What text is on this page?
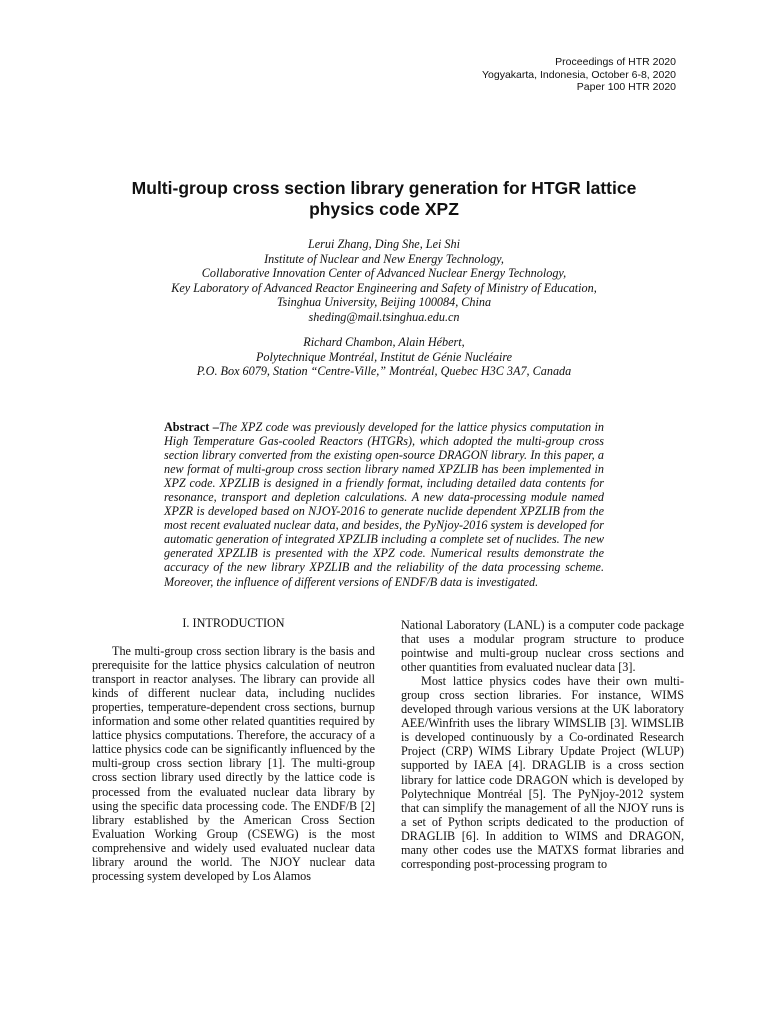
Proceedings of HTR 2020
Yogyakarta, Indonesia, October 6-8, 2020
Paper 100 HTR 2020
Multi-group cross section library generation for HTGR lattice
physics code XPZ
Lerui Zhang, Ding She, Lei Shi
Institute of Nuclear and New Energy Technology,
Collaborative Innovation Center of Advanced Nuclear Energy Technology,
Key Laboratory of Advanced Reactor Engineering and Safety of Ministry of Education,
Tsinghua University, Beijing 100084, China
sheding@mail.tsinghua.edu.cn
Richard Chambon, Alain Hébert,
Polytechnique Montréal, Institut de Génie Nucléaire
P.O. Box 6079, Station “Centre-Ville,” Montréal, Quebec H3C 3A7, Canada
Abstract –The XPZ code was previously developed for the lattice physics computation in High Temperature Gas-cooled Reactors (HTGRs), which adopted the multi-group cross section library converted from the existing open-source DRAGON library. In this paper, a new format of multi-group cross section library named XPZLIB has been implemented in XPZ code. XPZLIB is designed in a friendly format, including detailed data contents for resonance, transport and depletion calculations. A new data-processing module named XPZR is developed based on NJOY-2016 to generate nuclide dependent XPZLIB from the most recent evaluated nuclear data, and besides, the PyNjoy-2016 system is developed for automatic generation of integrated XPZLIB including a complete set of nuclides. The new generated XPZLIB is presented with the XPZ code. Numerical results demonstrate the accuracy of the new library XPZLIB and the reliability of the data processing scheme. Moreover, the influence of different versions of ENDF/B data is investigated.
I. INTRODUCTION

The multi-group cross section library is the basis and prerequisite for the lattice physics calculation of neutron transport in reactor analyses. The library can provide all kinds of different nuclear data, including nuclides properties, temperature-dependent cross sections, burnup information and some other related quantities required by lattice physics computations. Therefore, the accuracy of a lattice physics code can be significantly influenced by the multi-group cross section library [1]. The multi-group cross section library used directly by the lattice code is processed from the evaluated nuclear data library by using the specific data processing code. The ENDF/B [2] library established by the American Cross Section Evaluation Working Group (CSEWG) is the most comprehensive and widely used evaluated nuclear data library around the world. The NJOY nuclear data processing system developed by Los Alamos

National Laboratory (LANL) is a computer code package that uses a modular program structure to produce pointwise and multi-group nuclear cross sections and other quantities from evaluated nuclear data [3].

Most lattice physics codes have their own multi-group cross section libraries. For instance, WIMS developed through various versions at the UK laboratory AEE/Winfrith uses the library WIMSLIB [3]. WIMSLIB is developed continuously by a Co-ordinated Research Project (CRP) WIMS Library Update Project (WLUP) supported by IAEA [4]. DRAGLIB is a cross section library for lattice code DRAGON which is developed by Polytechnique Montréal [5]. The PyNjoy-2012 system that can simplify the management of all the NJOY runs is a set of Python scripts dedicated to the production of DRAGLIB [6]. In addition to WIMS and DRAGON, many other codes use the MATXS format libraries and corresponding post-processing program to
